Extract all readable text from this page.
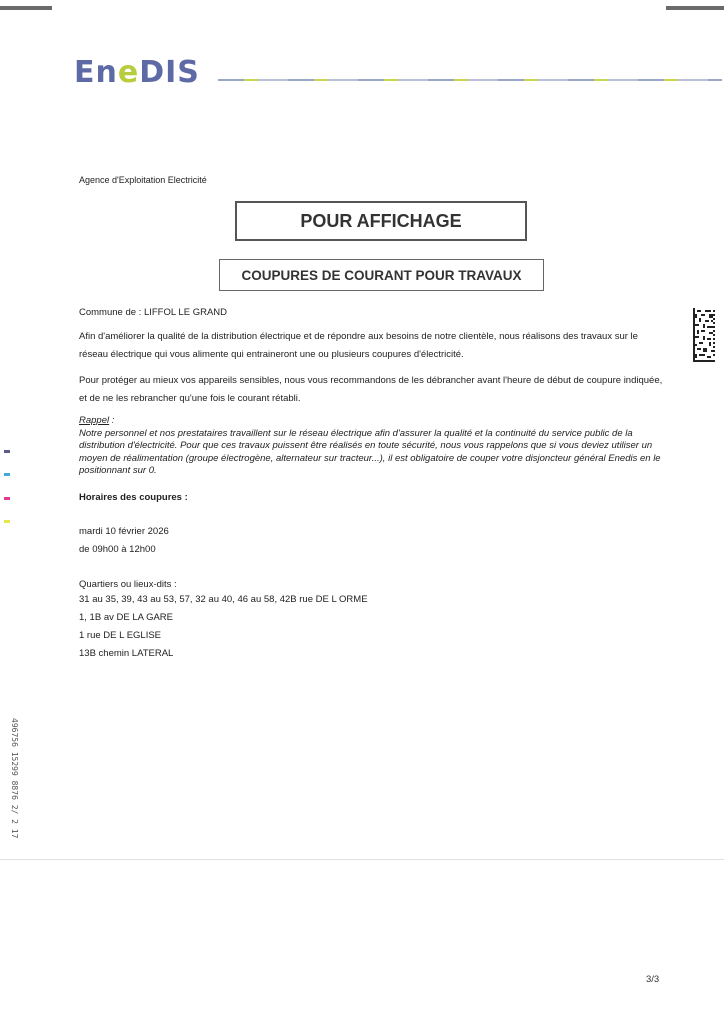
EneDIS
Agence d'Exploitation Electricité
POUR AFFICHAGE
COUPURES DE COURANT POUR TRAVAUX
Commune de : LIFFOL LE GRAND
Afin d'améliorer la qualité de la distribution électrique et de répondre aux besoins de notre clientèle, nous réalisons des travaux sur le réseau électrique qui vous alimente qui entraineront une ou plusieurs coupures d'électricité.
Pour protéger au mieux vos appareils sensibles, nous vous recommandons de les débrancher avant l'heure de début de coupure indiquée, et de ne les rebrancher qu'une fois le courant rétabli.
Rappel :
Notre personnel et nos prestataires travaillent sur le réseau électrique afin d'assurer la qualité et la continuité du service public de la distribution d'électricité. Pour que ces travaux puissent être réalisés en toute sécurité, nous vous rappelons que si vous deviez utiliser un moyen de réalimentation (groupe électrogène, alternateur sur tracteur...), il est obligatoire de couper votre disjoncteur général Enedis en le positionnant sur 0.
Horaires des coupures :
mardi 10 février 2026
de 09h00 à 12h00
Quartiers ou lieux-dits :
31 au 35, 39, 43 au 53, 57, 32 au 40, 46 au 58, 42B rue DE L ORME
1, 1B av DE LA GARE
1 rue DE L EGLISE
13B chemin LATERAL
496756 15299 8876 2/ 2 17
3/3
